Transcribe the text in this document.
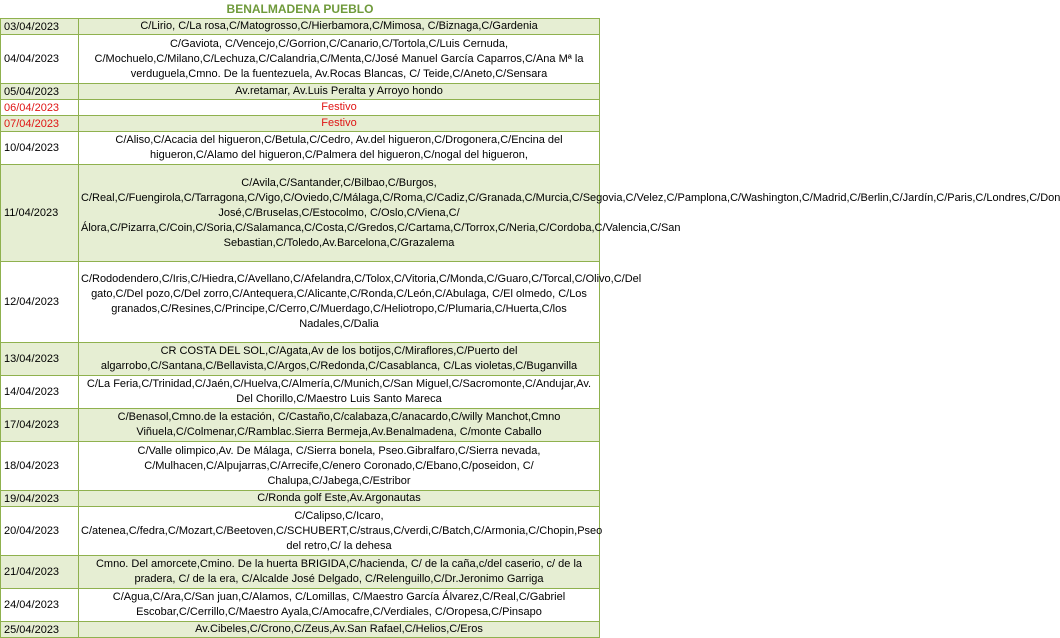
BENALMADENA PUEBLO
03/04/2023	C/Lirio, C/La rosa,C/Matogrosso,C/Hierbamora,C/Mimosa, C/Biznaga,C/Gardenia
04/04/2023	C/Gaviota, C/Vencejo,C/Gorrion,C/Canario,C/Tortola,C/Luis Cernuda, C/Mochuelo,C/Milano,C/Lechuza,C/Calandria,C/Menta,C/José Manuel García Caparros,C/Ana Mª la verduguela,Cmno. De la fuentezuela, Av.Rocas Blancas, C/ Teide,C/Aneto,C/Sensara
05/04/2023	Av.retamar, Av.Luis Peralta y Arroyo hondo
06/04/2023	Festivo
07/04/2023	Festivo
10/04/2023	C/Aliso,C/Acacia del higueron,C/Betula,C/Cedro, Av.del higueron,C/Drogonera,C/Encina del higueron,C/Alamo del higueron,C/Palmera del higueron,C/nogal del higueron,
11/04/2023	C/Avila,C/Santander,C/Bilbao,C/Burgos, C/Real,C/Fuengirola,C/Tarragona,C/Vigo,C/Oviedo,C/Málaga,C/Roma,C/Cadiz,C/Granada,C/Murcia,C/Segovia,C/Velez,C/Pamplona,C/Washington,C/Madrid,C/Berlin,C/Jardín,C/Paris,C/Londres,C/Don José,C/Bruselas,C/Estocolmo, C/Oslo,C/Viena,C/Álora,C/Pizarra,C/Coin,C/Soria,C/Salamanca,C/Costa,C/Gredos,C/Cartama,C/Torrox,C/Neria,C/Cordoba,C/Valencia,C/San Sebastian,C/Toledo,Av.Barcelona,C/Grazalema
12/04/2023	C/Rododendero,C/Iris,C/Hiedra,C/Avellano,C/Afelandra,C/Tolox,C/Vitoria,C/Monda,C/Guaro,C/Torcal,C/Olivo,C/Del gato,C/Del pozo,C/Del zorro,C/Antequera,C/Alicante,C/Ronda,C/León,C/Abulaga, C/El olmedo, C/Los granados,C/Resines,C/Principe,C/Cerro,C/Muerdago,C/Heliotropo,C/Plumaria,C/Huerta,C/los Nadales,C/Dalia
13/04/2023	CR COSTA DEL SOL,C/Agata,Av de los botijos,C/Miraflores,C/Puerto del algarrobo,C/Santana,C/Bellavista,C/Argos,C/Redonda,C/Casablanca, C/Las violetas,C/Buganvilla
14/04/2023	C/La Feria,C/Trinidad,C/Jaén,C/Huelva,C/Almería,C/Munich,C/San Miguel,C/Sacromonte,C/Andujar,Av. Del Chorillo,C/Maestro Luis Santo Mareca
17/04/2023	C/Benasol,Cmno.de la estación, C/Castaño,C/calabaza,C/anacardo,C/willy Manchot,Cmno Viñuela,C/Colmenar,C/Ramblac.Sierra Bermeja,Av.Benalmadena, C/monte Caballo
18/04/2023	C/Valle olimpico,Av. De Málaga, C/Sierra bonela, Pseo.Gibralfaro,C/Sierra nevada, C/Mulhacen,C/Alpujarras,C/Arrecife,C/enero Coronado,C/Ebano,C/poseidon, C/ Chalupa,C/Jabega,C/Estribor
19/04/2023	C/Ronda golf Este,Av.Argonautas
20/04/2023	C/Calipso,C/Icaro, C/atenea,C/fedra,C/Mozart,C/Beetoven,C/SCHUBERT,C/straus,C/verdi,C/Batch,C/Armonia,C/Chopin,Pseo del retro,C/ la dehesa
21/04/2023	Cmno. Del amorcete,Cmino. De la huerta BRIGIDA,C/hacienda, C/ de la caña,c/del caserio, c/ de la pradera, C/ de la era, C/Alcalde José Delgado, C/Relenguillo,C/Dr.Jeronimo Garriga
24/04/2023	C/Agua,C/Ara,C/San juan,C/Alamos, C/Lomillas, C/Maestro García Álvarez,C/Real,C/Gabriel Escobar,C/Cerrillo,C/Maestro Ayala,C/Amocafre,C/Verdiales, C/Oropesa,C/Pinsapo
25/04/2023	Av.Cibeles,C/Crono,C/Zeus,Av.San Rafael,C/Helios,C/Eros
